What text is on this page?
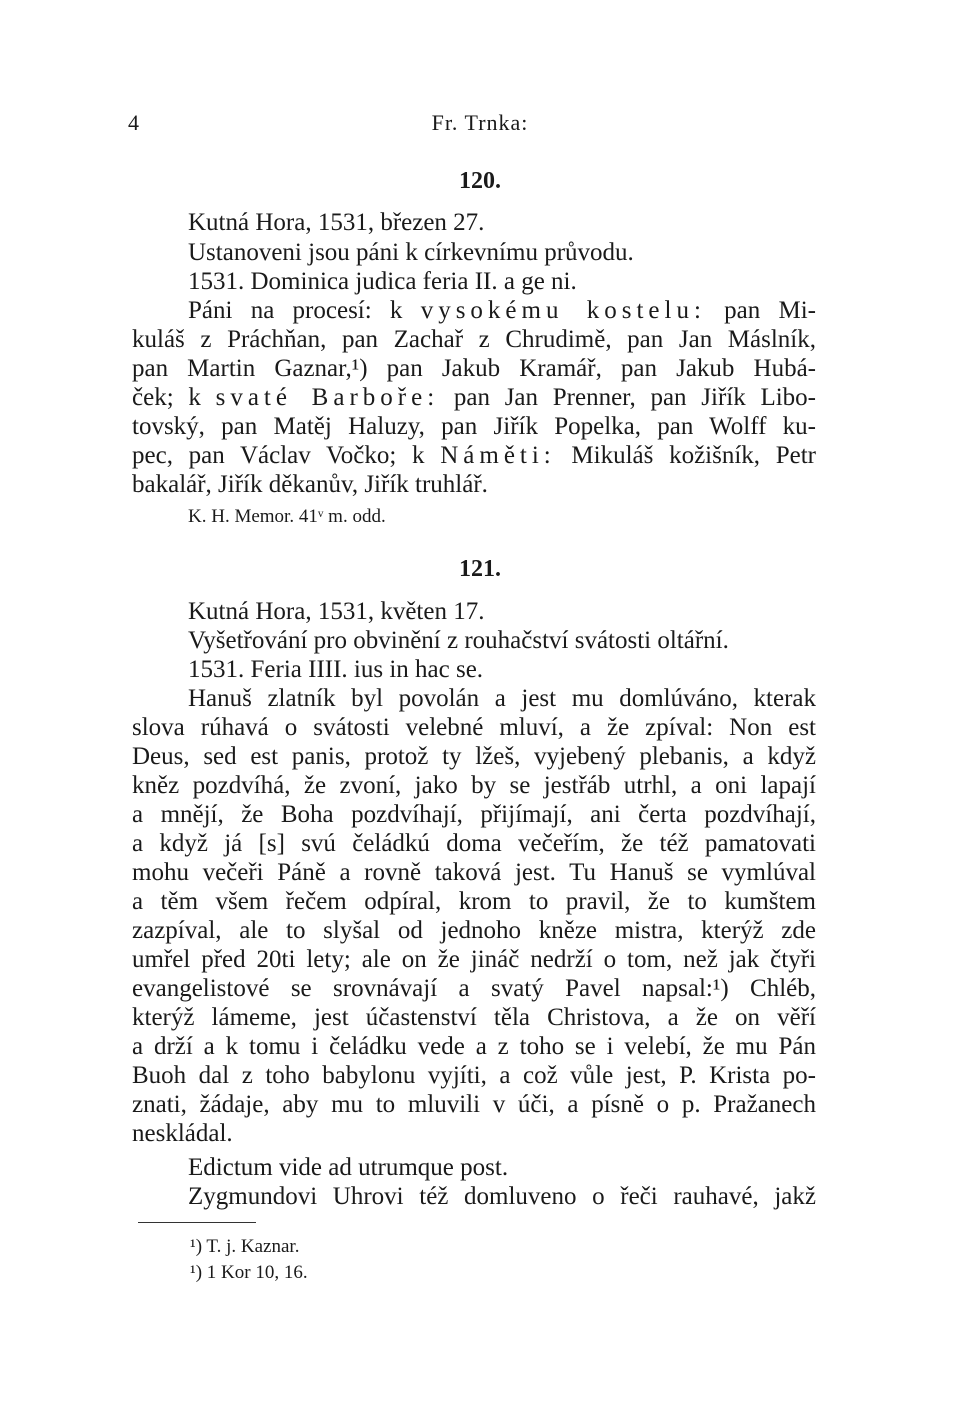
4	Fr. Trnka:
120.
Kutná Hora, 1531, březen 27.
Ustanoveni jsou páni k církevnímu průvodu.
1531. Dominica judica feria II. a ge ni.
Páni na procesí: k vysokému kostelu: pan Mi-
kuláš z Práchňan, pan Zachař z Chrudimě, pan Jan Máslník,
pan Martin Gaznar,¹) pan Jakub Kramář, pan Jakub Hubá-
ček; k svaté Barboře: pan Jan Prenner, pan Jiřík Libo-
tovský, pan Matěj Haluzy, pan Jiřík Popelka, pan Wolff ku-
pec, pan Václav Vočko; k Náměti: Mikuláš kožišník, Petr
bakalář, Jiřík děkanův, Jiřík truhlář.
K. H. Memor. 41ᵛ m. odd.
121.
Kutná Hora, 1531, květen 17.
Vyšetřování pro obvinění z rouhačství svátosti oltářní.
1531. Feria IIII. ius in hac se.
Hanuš zlatník byl povolán a jest mu domlúváno, kterak
slova rúhavá o svátosti velebné mluví, a že zpíval: Non est
Deus, sed est panis, protož ty lžeš, vyjebený plebanis, a když
kněz pozdvíhá, že zvoní, jako by se jestřáb utrhl, a oni lapají
a mnějí, že Boha pozdvíhají, přijímají, ani čerta pozdvíhají,
a když já [s] svú čeládkú doma večeřím, že též pamatovati
mohu večeři Páně a rovně taková jest. Tu Hanuš se vymlúval
a těm všem řečem odpíral, krom to pravil, že to kumštem
zazpíval, ale to slyšal od jednoho kněze mistra, kterýž zde
umřel před 20ti lety; ale on že jináč nedrží o tom, než jak čtyři
evangelistové se srovnávají a svatý Pavel napsal:¹) Chléb,
kterýž lámeme, jest účastenství těla Christova, a že on věří
a drží a k tomu i čeládku vede a z toho se i velebí, že mu Pán
Buoh dal z toho babylonu vyjíti, a což vůle jest, P. Krista po-
znati, žádaje, aby mu to mluvili v úči, a písně o p. Pražanech
neskládal.
Edictum vide ad utrumque post.
Zygmundovi Uhrovi též domluveno o řeči rauhavé, jakž
¹) T. j. Kaznar.
¹) 1 Kor 10, 16.
